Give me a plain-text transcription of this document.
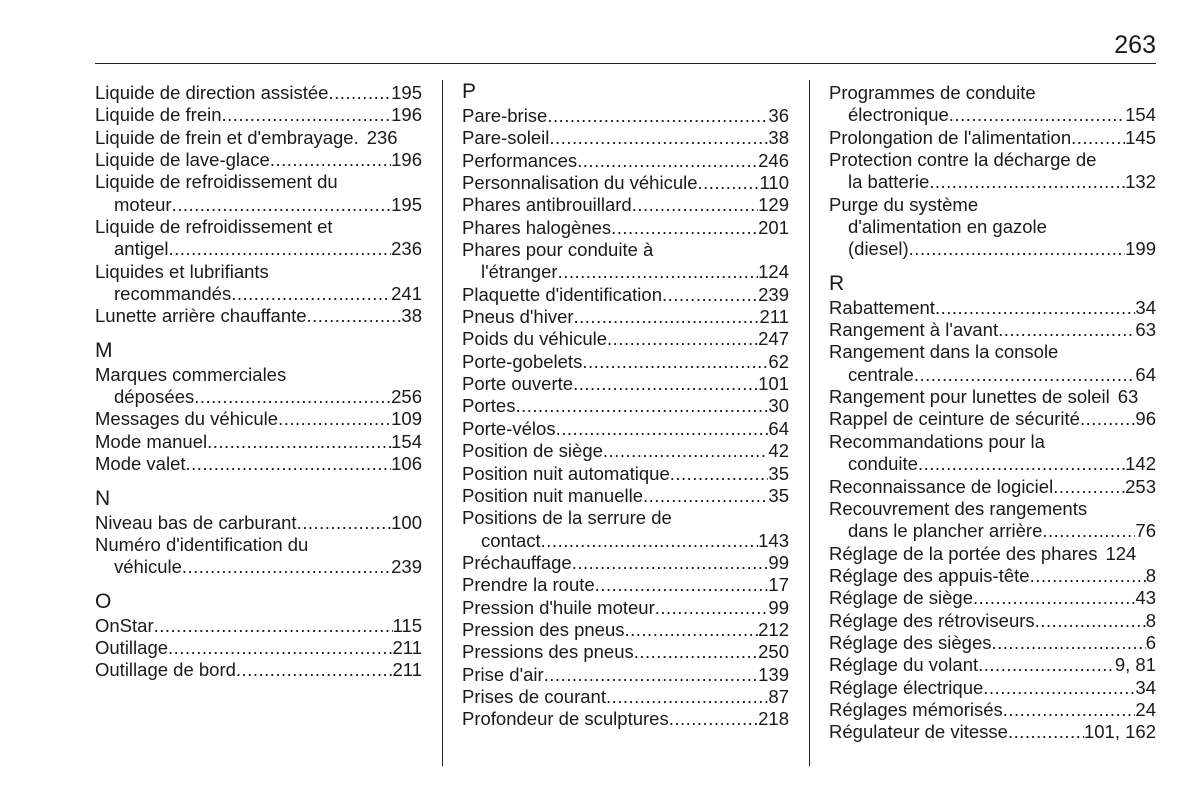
263
Liquide de direction assistée .....	195
Liquide de frein .....	196
Liquide de frein et d'embrayage. 236
Liquide de lave-glace .....	196
Liquide de refroidissement du
moteur .....	195
Liquide de refroidissement et
antigel .....	236
Liquides et lubrifiants
recommandés .....	241
Lunette arrière chauffante .....	38
M
Marques commerciales
déposées .....	256
Messages du véhicule .....	109
Mode manuel .....	154
Mode valet .....	106
N
Niveau bas de carburant .....	100
Numéro d'identification du
véhicule .....	239
O
OnStar .....	115
Outillage .....	211
Outillage de bord .....	211
P
Pare-brise .....	36
Pare-soleil .....	38
Performances .....	246
Personnalisation du véhicule .....	110
Phares antibrouillard .....	129
Phares halogènes .....	201
Phares pour conduite à
l'étranger .....	124
Plaquette d'identification .....	239
Pneus d'hiver .....	211
Poids du véhicule .....	247
Porte-gobelets .....	62
Porte ouverte .....	101
Portes .....	30
Porte-vélos .....	64
Position de siège .....	42
Position nuit automatique .....	35
Position nuit manuelle .....	35
Positions de la serrure de
contact .....	143
Préchauffage .....	99
Prendre la route .....	17
Pression d'huile moteur .....	99
Pression des pneus .....	212
Pressions des pneus .....	250
Prise d'air .....	139
Prises de courant .....	87
Profondeur de sculptures .....	218
Programmes de conduite
électronique .....	154
Prolongation de l'alimentation .....	145
Protection contre la décharge de
la batterie .....	132
Purge du système
d'alimentation en gazole
(diesel) .....	199
R
Rabattement .....	34
Rangement à l'avant .....	63
Rangement dans la console
centrale .....	64
Rangement pour lunettes de soleil 63
Rappel de ceinture de sécurité .....	96
Recommandations pour la
conduite .....	142
Reconnaissance de logiciel .....	253
Recouvrement des rangements
dans le plancher arrière .....	76
Réglage de la portée des phares 124
Réglage des appuis-tête .....	8
Réglage de siège .....	43
Réglage des rétroviseurs .....	8
Réglage des sièges .....	6
Réglage du volant .....	9, 81
Réglage électrique .....	34
Réglages mémorisés .....	24
Régulateur de vitesse .....	101, 162
